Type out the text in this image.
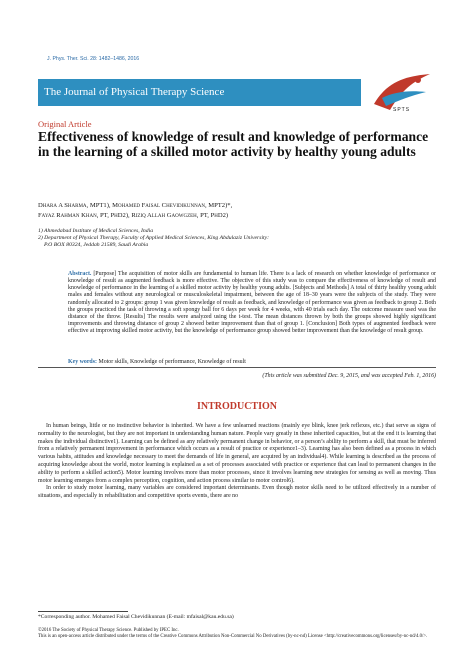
J. Phys. Ther. Sci. 28: 1482–1486, 2016
The Journal of Physical Therapy Science
SPTS
Original Article
Effectiveness of knowledge of result and knowledge of performance in the learning of a skilled motor activity by healthy young adults
Dhara A Sharma, MPT1), Mohamed Faisal Chevidikunnan, MPT2)*,
Fayaz Rahman Khan, PT, PhD2), Riziq Allah Gaowgzeh, PT, PhD2)
1) Ahmedabad Institute of Medical Sciences, India
2) Department of Physical Therapy, Faculty of Applied Medical Sciences, King Abdulaziz University:
P.O BOX 80324, Jeddah 21589, Saudi Arabia
Abstract. [Purpose] The acquisition of motor skills are fundamental to human life. There is a lack of research on whether knowledge of performance or knowledge of result as augmented feedback is more effective. The objective of this study was to compare the effectiveness of knowledge of result and knowledge of performance in the learning of a skilled motor activity by healthy young adults. [Subjects and Methods] A total of thirty healthy young adult males and females without any neurological or musculoskeletal impairment, between the age of 18–30 years were the subjects of the study. They were randomly allocated to 2 groups: group 1 was given knowledge of result as feedback, and knowledge of performance was given as feedback to group 2. Both the groups practiced the task of throwing a soft spongy ball for 6 days per week for 4 weeks, with 40 trials each day. The outcome measure used was the distance of the throw. [Results] The results were analyzed using the t-test. The mean distances thrown by both the groups showed highly significant improvements and throwing distance of group 2 showed better improvement than that of group 1. [Conclusion] Both types of augmented feedback were effective at improving skilled motor activity, but the knowledge of performance group showed better improvement than the knowledge of result group.
Key words: Motor skills, Knowledge of performance, Knowledge of result
(This article was submitted Dec. 9, 2015, and was accepted Feb. 1, 2016)
INTRODUCTION

In human beings, little or no instinctive behavior is inherited. We have a few unlearned reactions (mainly eye blink, knee jerk reflexes, etc.) that serve as signs of normality to the neurologist, but they are not important in understanding human nature. People vary greatly in these inherited capacities, but at the end it is learning that makes the individual distinctive1). Learning can be defined as any relatively permanent change in behavior, or a person’s ability to perform a skill, that must be inferred from a relatively permanent improvement in performance which occurs as a result of practice or experience1–3). Learning has also been defined as a process in which various habits, attitudes and knowledge necessary to meet the demands of life in general, are acquired by an individual4). While learning is described as the process of acquiring knowledge about the world, motor learning is explained as a set of processes associated with practice or experience that can lead to permanent changes in the ability to perform a skilled action5). Motor learning involves more than motor processes, since it involves learning new strategies for sensing as well as moving. Thus motor learning emerges from a complex perception, cognition, and action process similar to motor control6).

In order to study motor learning, many variables are considered important determinants. Even though motor skills need to be utilized effectively in a number of situations, and especially in rehabilitation and competitive sports events, there are no

*Corresponding author. Mohamed Faisal Chevidikunnan (E-mail: mfaisal@kau.edu.sa)
©2016 The Society of Physical Therapy Science. Published by IPEC Inc.
This is an open-access article distributed under the terms of the Creative Commons Attribution Non-Commercial No Derivatives (by-nc-nd) License <http://creativecommons.org/licenses/by-nc-nd/4.0/>.
